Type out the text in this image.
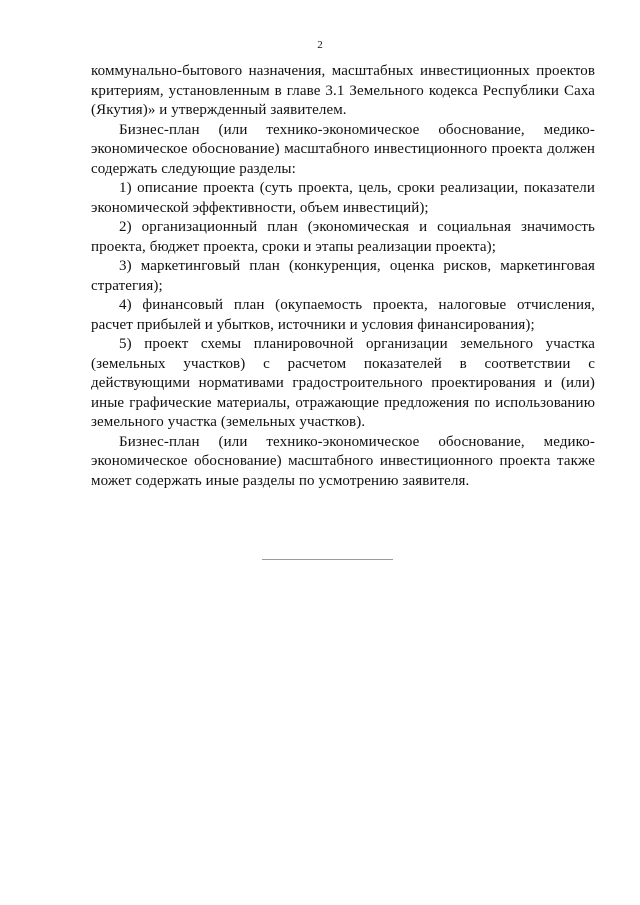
2

коммунально-бытового назначения, масштабных инвестиционных проектов критериям, установленным в главе 3.1 Земельного кодекса Республики Саха (Якутия)» и утвержденный заявителем.

Бизнес-план (или технико-экономическое обоснование, медико-экономическое обоснование) масштабного инвестиционного проекта должен содержать следующие разделы:

1) описание проекта (суть проекта, цель, сроки реализации, показатели экономической эффективности, объем инвестиций);

2) организационный план (экономическая и социальная значимость проекта, бюджет проекта, сроки и этапы реализации проекта);

3) маркетинговый план (конкуренция, оценка рисков, маркетинговая стратегия);

4) финансовый план (окупаемость проекта, налоговые отчисления, расчет прибылей и убытков, источники и условия финансирования);

5) проект схемы планировочной организации земельного участка (земельных участков) с расчетом показателей в соответствии с действующими нормативами градостроительного проектирования и (или) иные графические материалы, отражающие предложения по использованию земельного участка (земельных участков).

Бизнес-план (или технико-экономическое обоснование, медико-экономическое обоснование) масштабного инвестиционного проекта также может содержать иные разделы по усмотрению заявителя.
